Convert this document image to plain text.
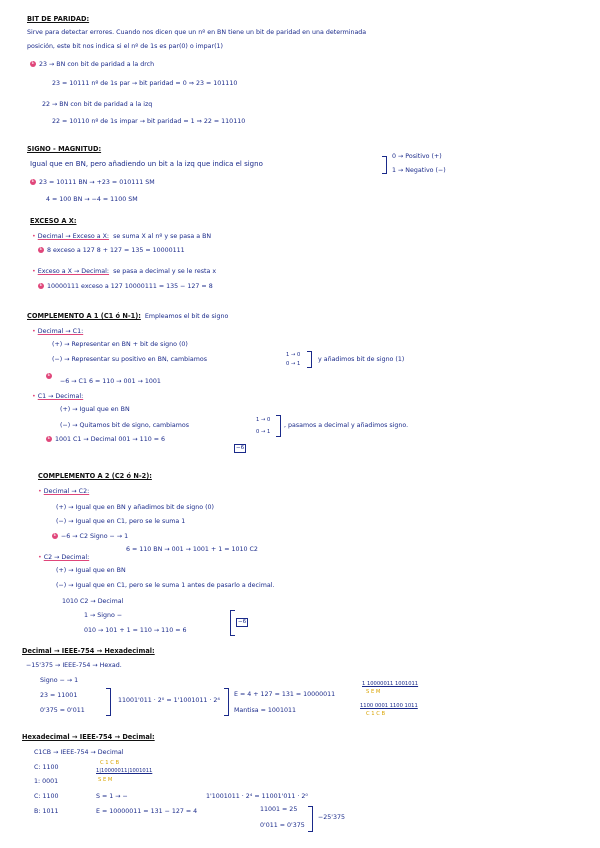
BIT DE PARIDAD:
Sirve para detectar errores. Cuando nos dicen que un nº en BN tiene un bit de paridad en una determinada
posición, este bit nos indica si el nº de 1s es par(0) o impar(1)
E 23 → BN con bit de paridad a la drch
23 = 10111 nº de 1s par → bit paridad = 0 ⇒ 23 = 101110
22 → BN con bit de paridad a la izq
22 = 10110 nº de 1s impar → bit paridad = 1 ⇒ 22 = 110110
SIGNO - MAGNITUD:
Igual que en BN, pero añadiendo un bit a la izq que indica el signo
0 → Positivo (+)
1 → Negativo (−)
E 23 = 10111 BN → +23 = 010111 SM
4 = 100 BN → −4 = 1100 SM
EXCESO A X:
• Decimal → Exceso a X: se suma X al nº y se pasa a BN
E 8 exceso a 127 8 + 127 = 135 = 10000111
• Exceso a X → Decimal: se pasa a decimal y se le resta x
E 10000111 exceso a 127 10000111 = 135 − 127 = 8
COMPLEMENTO A 1 (C1 ó N-1): Empleamos el bit de signo
• Decimal → C1:
(+) → Representar en BN + bit de signo (0)
(−) → Representar su positivo en BN, cambiamos
1 → 0
0 → 1
y añadimos bit de signo (1)
E
−6 → C1 6 = 110 → 001 → 1001
• C1 → Decimal:
(+) → Igual que en BN
(−) → Quitamos bit de signo, cambiamos
1 → 0
0 → 1
, pasamos a decimal y añadimos signo.
E 1001 C1 → Decimal 001 → 110 = 6
−6
COMPLEMENTO A 2 (C2 ó N-2):
• Decimal → C2:
(+) → Igual que en BN y añadimos bit de signo (0)
(−) → Igual que en C1, pero se le suma 1
E −6 → C2 Signo − → 1
6 = 110 BN → 001 → 1001 + 1 = 1010 C2
• C2 → Decimal:
(+) → Igual que en BN
(−) → Igual que en C1, pero se le suma 1 antes de pasarlo a decimal.
1010 C2 → Decimal
1 → Signo −
010 → 101 + 1 = 110 → 110 = 6
−6
Decimal → IEEE-754 → Hexadecimal:
−15'375 → IEEE-754 → Hexad.
Signo − → 1
23 = 11001
0'375 = 0'011
11001'011 · 2⁰ = 1'1001011 · 2⁴
E = 4 + 127 = 131 = 10000011
Mantisa = 1001011
1 10000011 1001011
S E M
1100 0001 1100 1011
C 1 C B
Hexadecimal → IEEE-754 → Decimal:
C1CB → IEEE-754 → Decimal
C 1 C B
C: 1100	1|10000011|1001011
S E M
1: 0001
C: 1100	S = 1 → −	1'1001011 · 2⁴ = 11001'011 · 2⁰
B: 1011	E = 10000011 = 131 − 127 = 4	11001 = 25
0'011 = 0'375
−25'375
